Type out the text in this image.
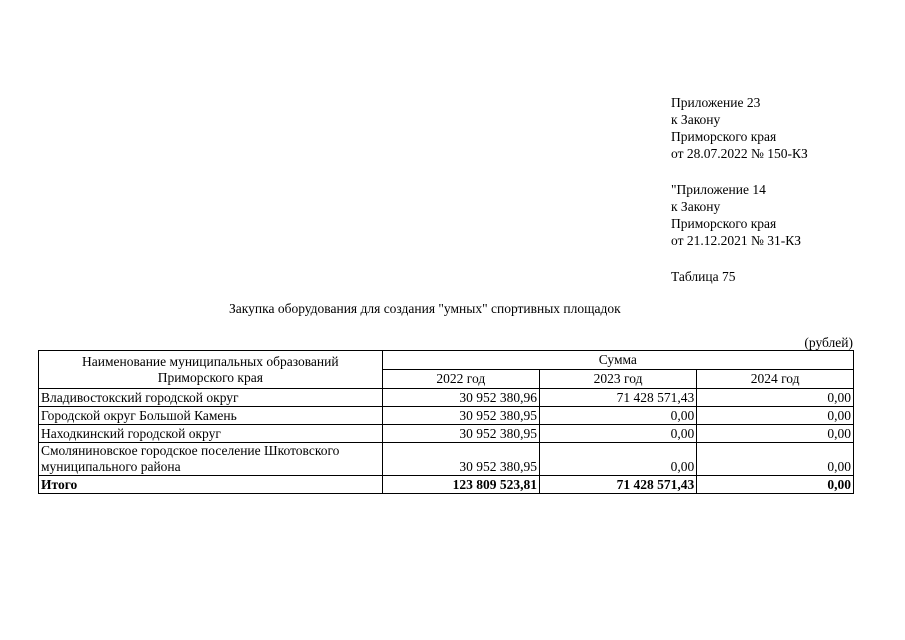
Приложение 23
к Закону
Приморского края
от 28.07.2022 № 150-КЗ
"Приложение 14
к Закону
Приморского края
от 21.12.2021 № 31-КЗ
Таблица 75
Закупка оборудования для создания "умных" спортивных площадок
(рублей)
Наименование муниципальных образований
Приморского края	Сумма		
	2022 год	2023 год	2024 год
Владивостокский городской округ	30 952 380,96	71 428 571,43	0,00
Городской округ Большой Камень	30 952 380,95	0,00	0,00
Находкинский городской округ	30 952 380,95	0,00	0,00

Смоляниновское городское поселение Шкотовского
муниципального района	30 952 380,95	0,00	0,00
Итого	123 809 523,81	71 428 571,43	0,00
